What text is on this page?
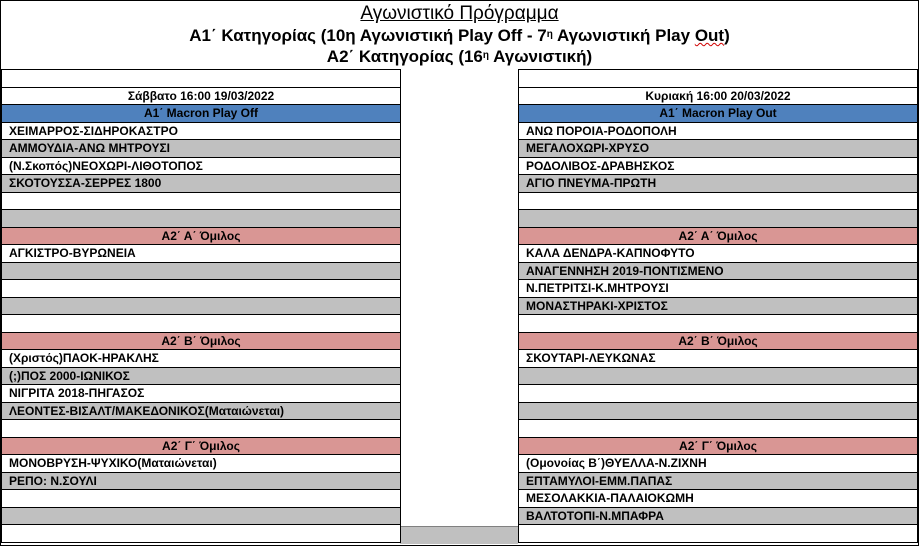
Αγωνιστικό Πρόγραμμα
Α1΄ Κατηγορίας (10η Αγωνιστική Play Off - $7^\eta$ Αγωνιστική Play Out)
Α2΄ Κατηγορίας ($16^\eta$ Αγωνιστική)
Σάββατο 16:00 19/03/2022
Α1΄ Macron Play Off
ΧΕΙΜΑΡΡΟΣ-ΣΙΔΗΡΟΚΑΣΤΡΟ
ΑΜΜΟΥΔΙΑ-ΑΝΩ ΜΗΤΡΟΥΣΙ
(Ν.Σκοπός)ΝΕΟΧΩΡΙ-ΛΙΘΟΤΟΠΟΣ
ΣΚΟΤΟΥΣΣΑ-ΣΕΡΡΕΣ 1800
Α2΄ Α΄ Όμιλος
ΑΓΚΙΣΤΡΟ-ΒΥΡΩΝΕΙΑ
Α2΄ Β΄ Όμιλος
(Χριστός)ΠΑΟΚ-ΗΡΑΚΛΗΣ
(;)ΠΟΣ 2000-ΙΩΝΙΚΟΣ
ΝΙΓΡΙΤΑ 2018-ΠΗΓΑΣΟΣ
ΛΕΟΝΤΕΣ-ΒΙΣΑΛΤ/ΜΑΚΕΔΟΝΙΚΟΣ(Ματαιώνεται)
Α2΄ Γ΄ Όμιλος
ΜΟΝΟΒΡΥΣΗ-ΨΥΧΙΚΟ(Ματαιώνεται)
ΡΕΠΟ: Ν.ΣΟΥΛΙ
Κυριακή 16:00 20/03/2022
Α1΄ Macron Play Out
ΑΝΩ ΠΟΡΟΙΑ-ΡΟΔΟΠΟΛΗ
ΜΕΓΑΛΟΧΩΡΙ-ΧΡΥΣΟ
ΡΟΔΟΛΙΒΟΣ-ΔΡΑΒΗΣΚΟΣ
ΑΓΙΟ ΠΝΕΥΜΑ-ΠΡΩΤΗ
Α2΄ Α΄ Όμιλος
ΚΑΛΑ ΔΕΝΔΡΑ-ΚΑΠΝΟΦΥΤΟ
ΑΝΑΓΕΝΝΗΣΗ 2019-ΠΟΝΤΙΣΜΕΝΟ
Ν.ΠΕΤΡΙΤΣΙ-Κ.ΜΗΤΡΟΥΣΙ
ΜΟΝΑΣΤΗΡΑΚΙ-ΧΡΙΣΤΟΣ
Α2΄ Β΄ Όμιλος
ΣΚΟΥΤΑΡΙ-ΛΕΥΚΩΝΑΣ
Α2΄ Γ΄ Όμιλος
(Ομονοίας Β΄)ΘΥΕΛΛΑ-Ν.ΖΙΧΝΗ
ΕΠΤΑΜΥΛΟΙ-ΕΜΜ.ΠΑΠΑΣ
ΜΕΣΟΛΑΚΚΙΑ-ΠΑΛΑΙΟΚΩΜΗ
ΒΑΛΤΟΤΟΠΙ-Ν.ΜΠΑΦΡΑ
